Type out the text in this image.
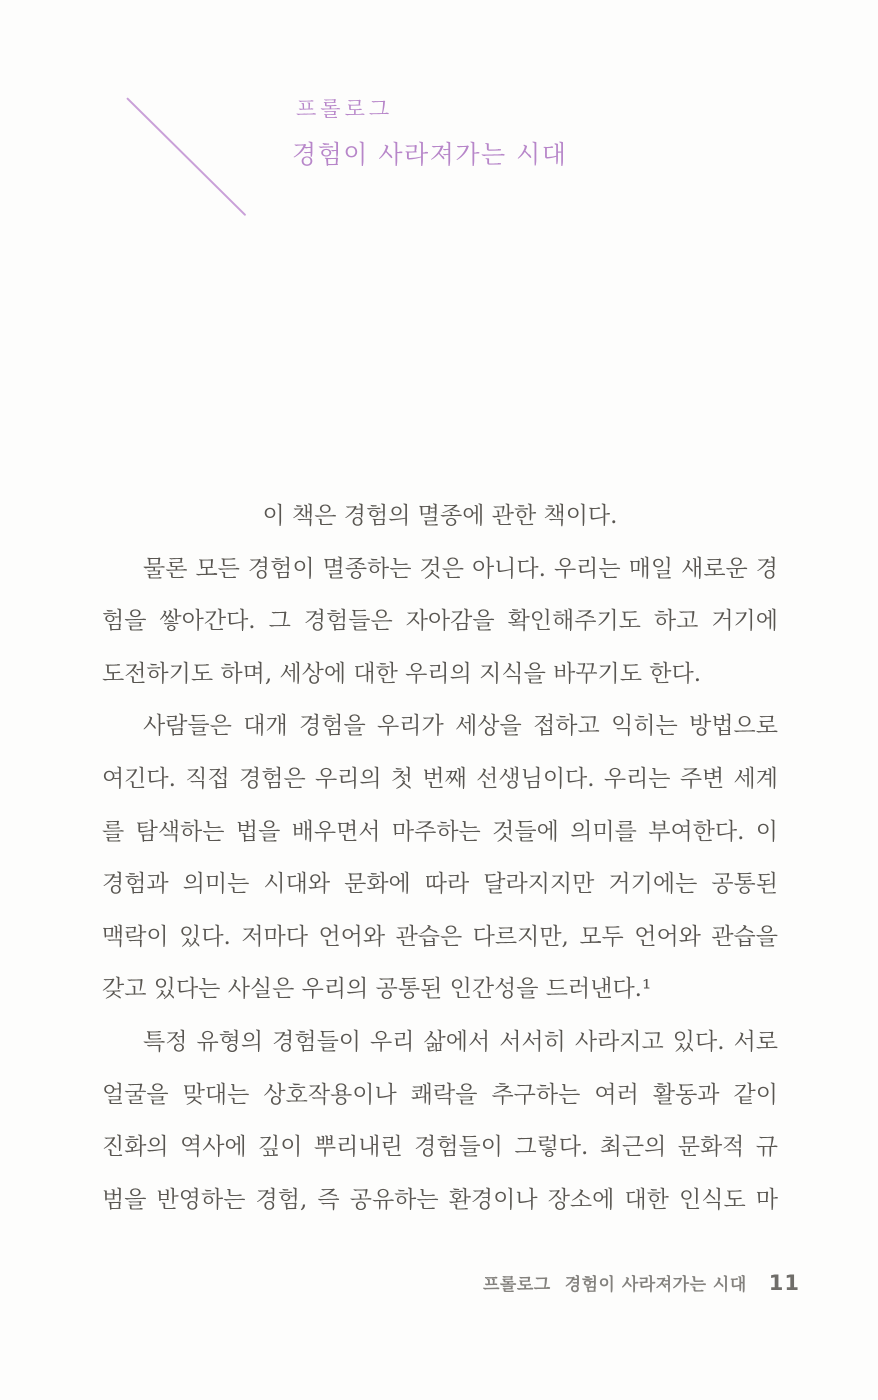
프롤로그
경험이 사라져가는 시대
이 책은 경험의 멸종에 관한 책이다.
물론 모든 경험이 멸종하는 것은 아니다. 우리는 매일 새로운 경
험을 쌓아간다. 그 경험들은 자아감을 확인해주기도 하고 거기에
도전하기도 하며, 세상에 대한 우리의 지식을 바꾸기도 한다.
사람들은 대개 경험을 우리가 세상을 접하고 익히는 방법으로
여긴다. 직접 경험은 우리의 첫 번째 선생님이다. 우리는 주변 세계
를 탐색하는 법을 배우면서 마주하는 것들에 의미를 부여한다. 이
경험과 의미는 시대와 문화에 따라 달라지지만 거기에는 공통된
맥락이 있다. 저마다 언어와 관습은 다르지만, 모두 언어와 관습을
갖고 있다는 사실은 우리의 공통된 인간성을 드러낸다.¹
특정 유형의 경험들이 우리 삶에서 서서히 사라지고 있다. 서로
얼굴을 맞대는 상호작용이나 쾌락을 추구하는 여러 활동과 같이
진화의 역사에 깊이 뿌리내린 경험들이 그렇다. 최근의 문화적 규
범을 반영하는 경험, 즉 공유하는 환경이나 장소에 대한 인식도 마
프롤로그 경험이 사라져가는 시대 11
